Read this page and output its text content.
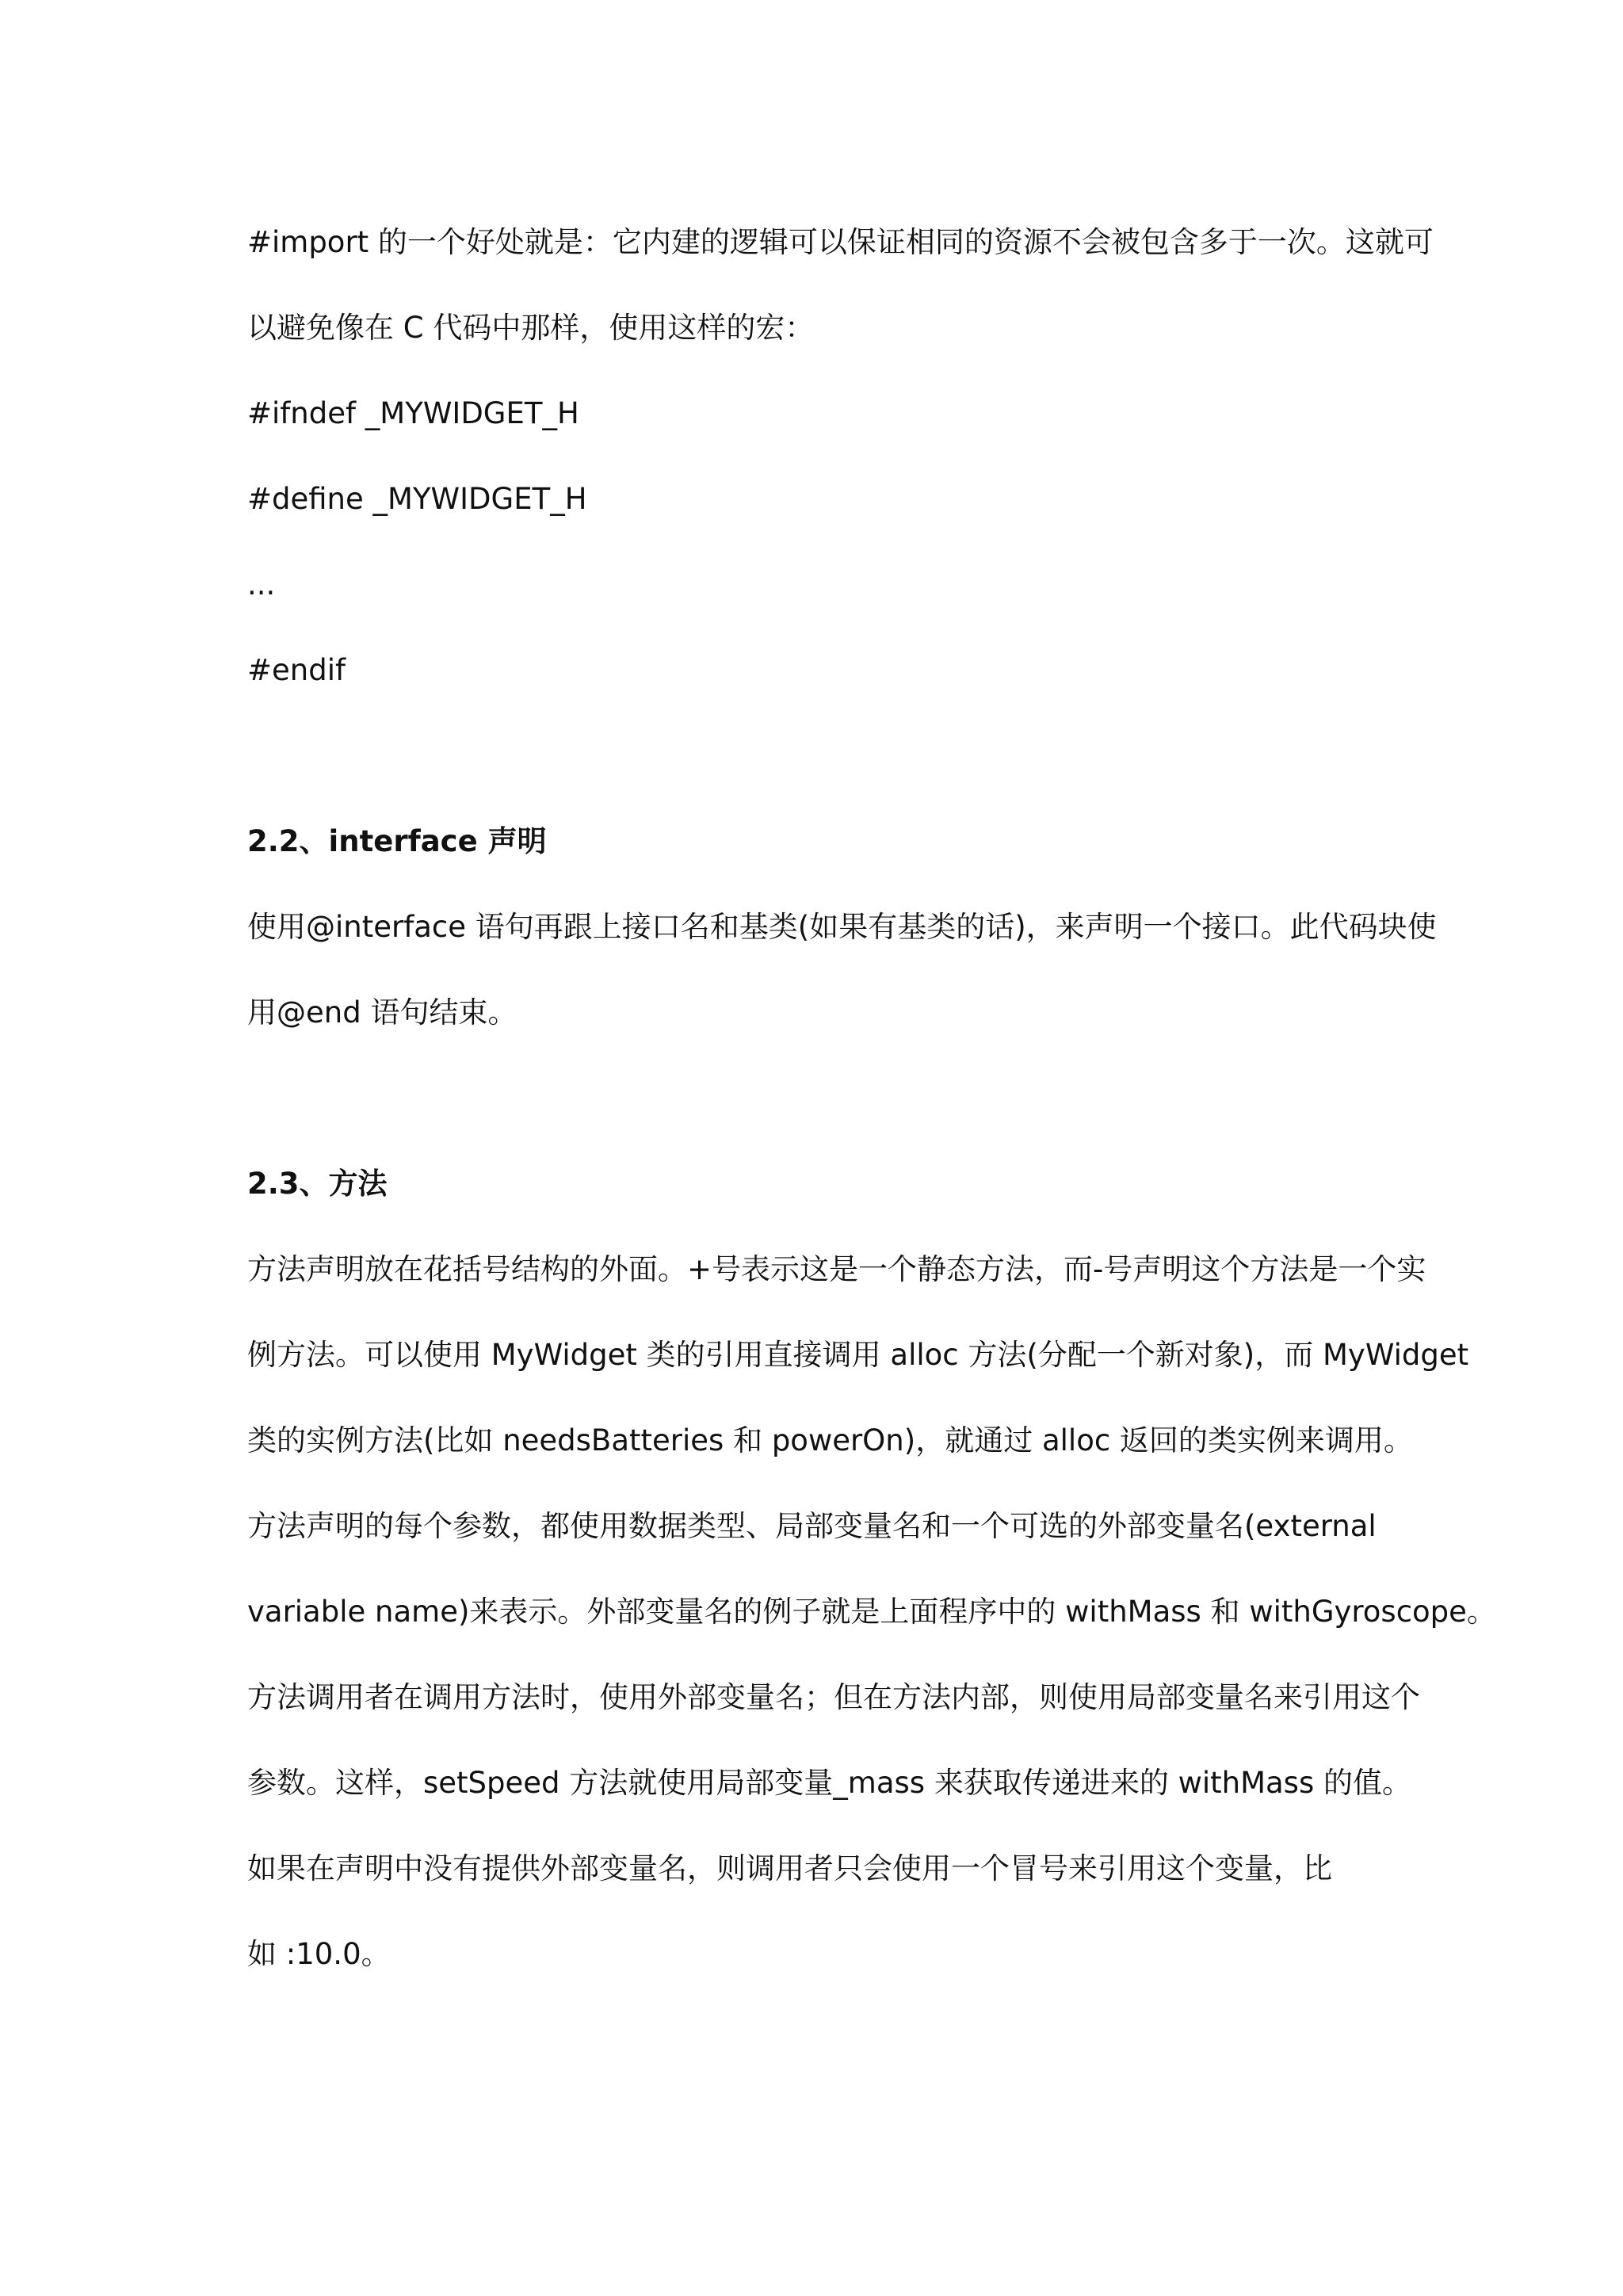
#import 的一个好处就是：它内建的逻辑可以保证相同的资源不会被包含多于一次。这就可
以避免像在 C 代码中那样，使用这样的宏：
#ifndef _MYWIDGET_H
#define _MYWIDGET_H
...
#endif
2.2、interface 声明
使用@interface 语句再跟上接口名和基类(如果有基类的话)，来声明一个接口。此代码块使
用@end 语句结束。
2.3、方法
方法声明放在花括号结构的外面。+号表示这是一个静态方法，而-号声明这个方法是一个实
例方法。可以使用 MyWidget 类的引用直接调用 alloc 方法(分配一个新对象)，而 MyWidget
类的实例方法(比如 needsBatteries 和 powerOn)，就通过 alloc 返回的类实例来调用。
方法声明的每个参数，都使用数据类型、局部变量名和一个可选的外部变量名(external
variable name)来表示。外部变量名的例子就是上面程序中的 withMass 和 withGyroscope。
方法调用者在调用方法时，使用外部变量名；但在方法内部，则使用局部变量名来引用这个
参数。这样，setSpeed 方法就使用局部变量_mass 来获取传递进来的 withMass 的值。
如果在声明中没有提供外部变量名，则调用者只会使用一个冒号来引用这个变量，比
如 :10.0。
